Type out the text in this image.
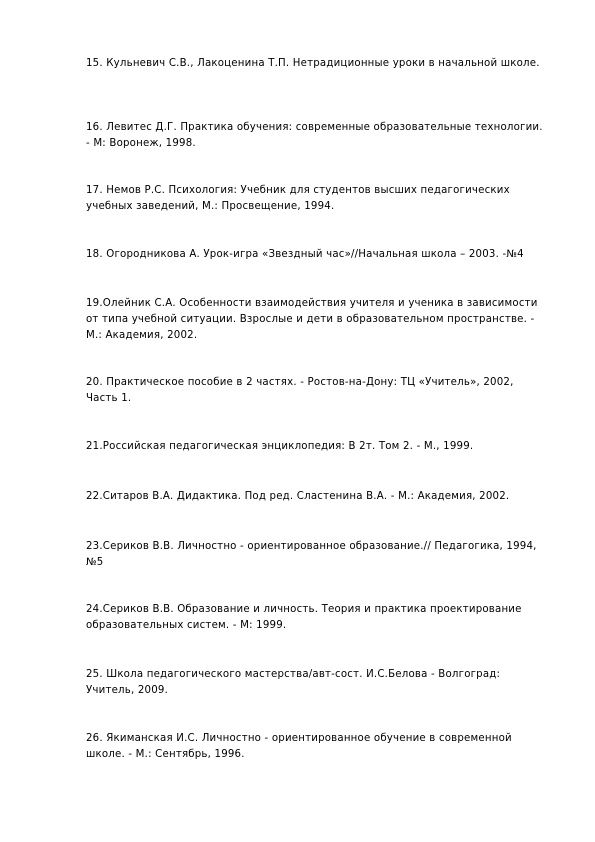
15. Кульневич С.В., Лакоценина Т.П. Нетрадиционные уроки в начальной школе.

16. Левитес Д.Г. Практика обучения: современные образовательные технологии. - М: Воронеж, 1998.

17. Немов Р.С. Психология: Учебник для студентов высших педагогических учебных заведений, М.: Просвещение, 1994.

18. Огородникова А. Урок-игра «Звездный час»//Начальная школа – 2003. -№4

19.Олейник С.А. Особенности взаимодействия учителя и ученика в зависимости от типа учебной ситуации. Взрослые и дети в образовательном пространстве. - М.: Академия, 2002.

20. Практическое пособие в 2 частях. - Ростов-на-Дону: ТЦ «Учитель», 2002, Часть 1.

21.Российская педагогическая энциклопедия: В 2т. Том 2. - М., 1999.

22.Ситаров В.А. Дидактика. Под ред. Сластенина В.А. - М.: Академия, 2002.

23.Сериков В.В. Личностно - ориентированное образование.// Педагогика, 1994, №5

24.Сериков В.В. Образование и личность. Теория и практика проектирование образовательных систем. - М: 1999.

25. Школа педагогического мастерства/авт-сост. И.С.Белова - Волгоград: Учитель, 2009.

26. Якиманская И.С. Личностно - ориентированное обучение в современной школе. - М.: Сентябрь, 1996.
